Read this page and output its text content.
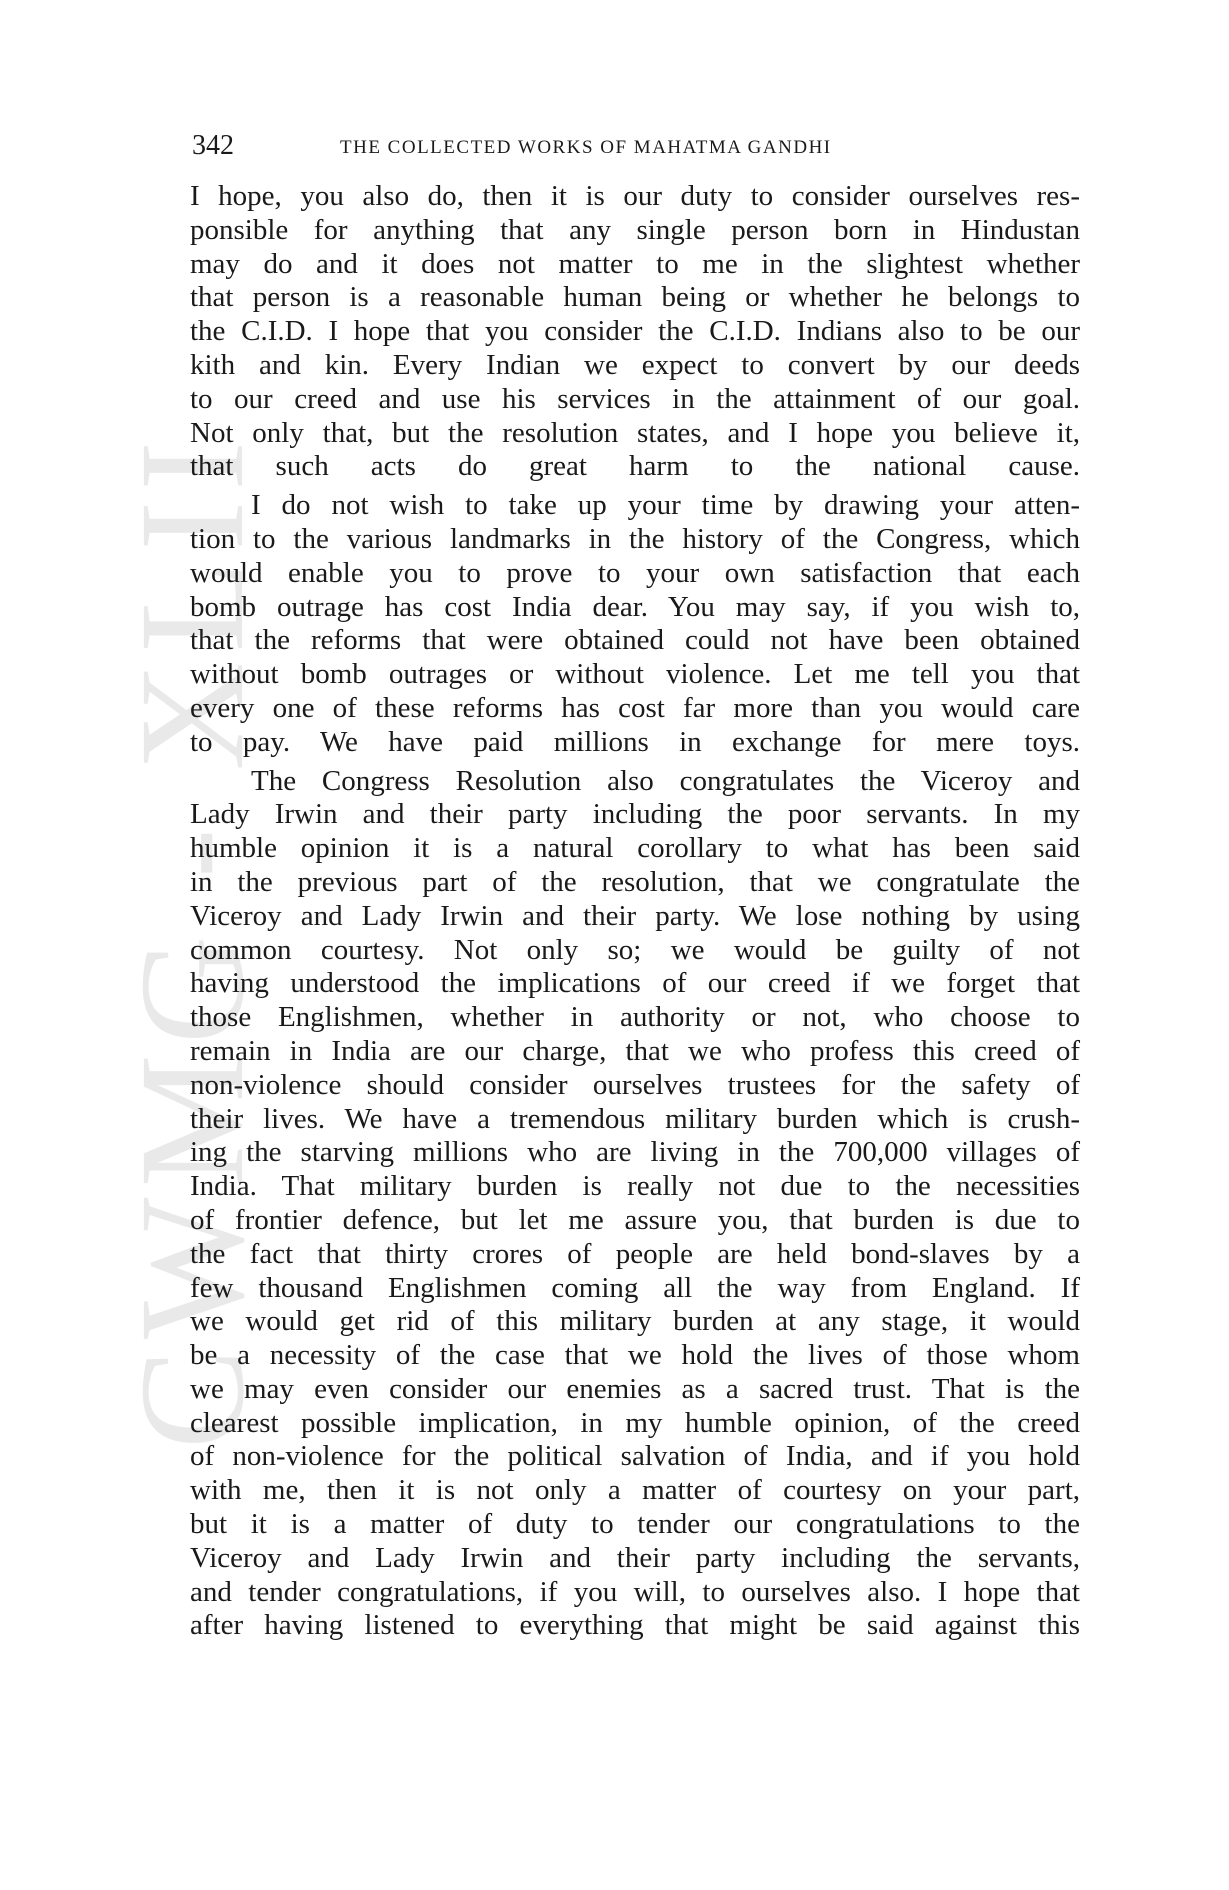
CWMG - XLII
342	THE COLLECTED WORKS OF MAHATMA GANDHI

I hope, you also do, then it is our duty to consider ourselves res-

ponsible for anything that any single person born in Hindustan

may do and it does not matter to me in the slightest whether

that person is a reasonable human being or whether he belongs to

the C.I.D. I hope that you consider the C.I.D. Indians also to be our

kith and kin. Every Indian we expect to convert by our deeds

to our creed and use his services in the attainment of our goal.

Not only that, but the resolution states, and I hope you believe it,

that such acts do great harm to the national cause.

I do not wish to take up your time by drawing your atten-

tion to the various landmarks in the history of the Congress, which

would enable you to prove to your own satisfaction that each

bomb outrage has cost India dear. You may say, if you wish to,

that the reforms that were obtained could not have been obtained

without bomb outrages or without violence. Let me tell you that

every one of these reforms has cost far more than you would care

to pay. We have paid millions in exchange for mere toys.

The Congress Resolution also congratulates the Viceroy and

Lady Irwin and their party including the poor servants. In my

humble opinion it is a natural corollary to what has been said

in the previous part of the resolution, that we congratulate the

Viceroy and Lady Irwin and their party. We lose nothing by using

common courtesy. Not only so; we would be guilty of not

having understood the implications of our creed if we forget that

those Englishmen, whether in authority or not, who choose to

remain in India are our charge, that we who profess this creed of

non-violence should consider ourselves trustees for the safety of

their lives. We have a tremendous military burden which is crush-

ing the starving millions who are living in the 700,000 villages of

India. That military burden is really not due to the necessities

of frontier defence, but let me assure you, that burden is due to

the fact that thirty crores of people are held bond-slaves by a

few thousand Englishmen coming all the way from England. If

we would get rid of this military burden at any stage, it would

be a necessity of the case that we hold the lives of those whom

we may even consider our enemies as a sacred trust. That is the

clearest possible implication, in my humble opinion, of the creed

of non-violence for the political salvation of India, and if you hold

with me, then it is not only a matter of courtesy on your part,

but it is a matter of duty to tender our congratulations to the

Viceroy and Lady Irwin and their party including the servants,

and tender congratulations, if you will, to ourselves also. I hope that

after having listened to everything that might be said against this
